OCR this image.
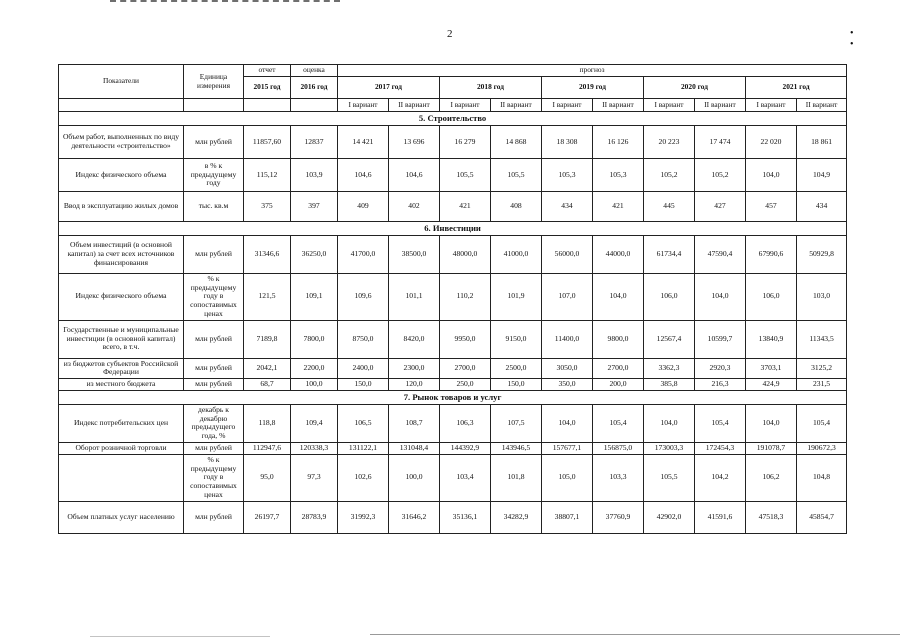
2	• •
Показатели	Единица измерения	отчет	оценка	прогноз									
		2015 год	2016 год	2017 год		2018 год		2019 год		2020 год		2021 год	
				I вариант	II вариант	I вариант	II вариант	I вариант	II вариант	I вариант	II вариант	I вариант	II вариант
5. Строительство													
Объем работ, выполненных по виду деятельности «строительство»	млн рублей	11857,60	12837	14 421	13 696	16 279	14 868	18 308	16 126	20 223	17 474	22 020	18 861
Индекс физического объема	в % к предыдущему году	115,12	103,9	104,6	104,6	105,5	105,5	105,3	105,3	105,2	105,2	104,0	104,9
Ввод в эксплуатацию жилых домов	тыс. кв.м	375	397	409	402	421	408	434	421	445	427	457	434
6. Инвестиции													
Объем инвестиций (в основной капитал) за счет всех источников финансирования	млн рублей	31346,6	36250,0	41700,0	38500,0	48000,0	41000,0	56000,0	44000,0	61734,4	47590,4	67990,6	50929,8
Индекс физического объема	% к предыдущему году в сопоставимых ценах	121,5	109,1	109,6	101,1	110,2	101,9	107,0	104,0	106,0	104,0	106,0	103,0
Государственные и муниципальные инвестиции (в основной капитал) всего, в т.ч.	млн рублей	7189,8	7800,0	8750,0	8420,0	9950,0	9150,0	11400,0	9800,0	12567,4	10599,7	13840,9	11343,5
из бюджетов субъектов Российской Федерации	млн рублей	2042,1	2200,0	2400,0	2300,0	2700,0	2500,0	3050,0	2700,0	3362,3	2920,3	3703,1	3125,2
из местного бюджета	млн рублей	68,7	100,0	150,0	120,0	250,0	150,0	350,0	200,0	385,8	216,3	424,9	231,5
7. Рынок товаров и услуг													
Индекс потребительских цен	декабрь к декабрю предыдущего года, %	118,8	109,4	106,5	108,7	106,3	107,5	104,0	105,4	104,0	105,4	104,0	105,4
Оборот розничной торговли	млн рублей	112947,6	120338,3	131122,1	131048,4	144392,9	143946,5	157677,1	156875,0	173003,3	172454,3	191078,7	190672,3
	% к предыдущему году в сопоставимых ценах	95,0	97,3	102,6	100,0	103,4	101,8	105,0	103,3	105,5	104,2	106,2	104,8
Объем платных услуг населению	млн рублей	26197,7	28783,9	31992,3	31646,2	35136,1	34282,9	38807,1	37760,9	42902,0	41591,6	47518,3	45854,7
